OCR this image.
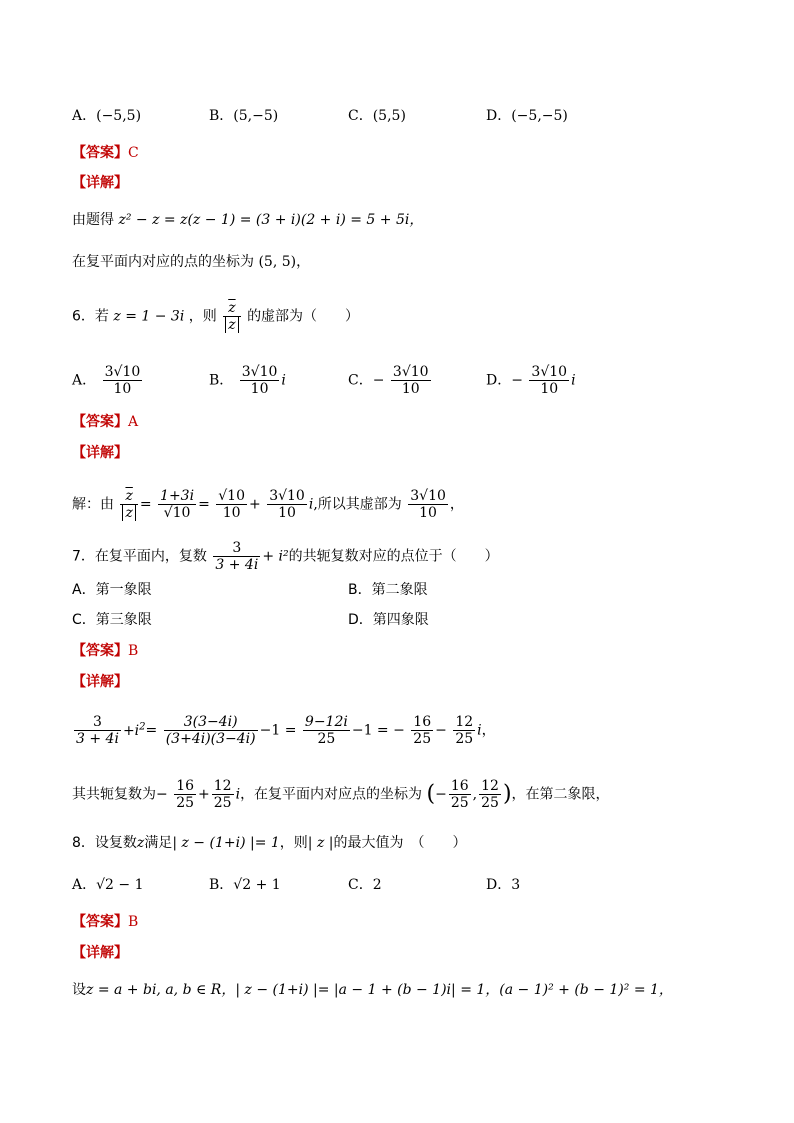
A．(−5,5)	B．(5,−5)	C．(5,5)	D．(−5,−5)
【答案】C
【详解】
由题得 z² − z = z(z − 1) = (3 + i)(2 + i) = 5 + 5i，
在复平面内对应的点的坐标为 (5, 5)，
6．若 z = 1 − 3i ，则 $\frac{\overline{z}}{z}$ 的虚部为（　　）
A． $\frac{3√10}{10}$	B． $\frac{3√10}{10}$ i	C．− $\frac{3√10}{10}$	D．− $\frac{3√10}{10}$ i
【答案】A
【详解】
解：由 $\frac{\overline{z}}{z} = \frac{1+3i}{√10} = \frac{√10}{10} + \frac{3√10}{10} i$,所以其虚部为 $\frac{3√10}{10}$ ，
7．在复平面内，复数 $\frac{3}{3 + 4i} + i^2$的共轭复数对应的点位于（　　）
A．第一象限	B．第二象限
C．第三象限	D．第四象限
【答案】B
【详解】
$\frac{3}{3 + 4i} +i^2= \frac{3(3-4i)}{(3+4i)(3-4i)} -1 = \frac{9-12i}{25} -1$ = − $\frac{16}{25} - \frac{12}{25}$ i，
其共轭复数为− $\frac{16}{25} + \frac{12}{25}$ i，在复平面内对应点的坐标为 (− $\frac{16}{25}$ , $\frac{12}{25}$ )，在第二象限，
8．设复数z满足| z − (1+i) |= 1，则| z |的最大值为　（　　）
A．√2 − 1	B．√2 + 1	C．2	D．3
【答案】B
【详解】
设z = a + bi, a, b ∈ R，| z − (1+i) |= |a − 1 + (b − 1)i| = 1，(a − 1)² + (b − 1)² = 1，
